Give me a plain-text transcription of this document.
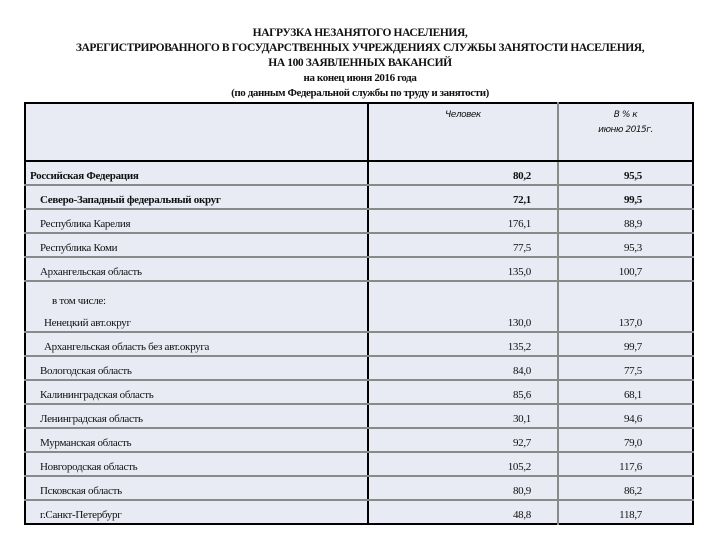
НАГРУЗКА НЕЗАНЯТОГО НАСЕЛЕНИЯ,
ЗАРЕГИСТРИРОВАННОГО В ГОСУДАРСТВЕННЫХ УЧРЕЖДЕНИЯХ СЛУЖБЫ ЗАНЯТОСТИ НАСЕЛЕНИЯ,
НА 100 ЗАЯВЛЕННЫХ ВАКАНСИЙ
на конец июня 2016 года
(по данным Федеральной службы по труду и занятости)
	Человек	В % к
июню 2015г.

Российская Федерация	80,2	95,5
Северо-Западный федеральный округ	72,1	99,5
Республика Карелия	176,1	88,9
Республика Коми	77,5	95,3
Архангельская область	135,0	100,7

в том числе:
Ненецкий авт.округ	130,0	137,0
Архангельская область без авт.округа	135,2	99,7
Вологодская область	84,0	77,5
Калининградская область	85,6	68,1
Ленинградская область	30,1	94,6
Мурманская область	92,7	79,0
Новгородская область	105,2	117,6
Псковская область	80,9	86,2
г.Санкт-Петербург	48,8	118,7
